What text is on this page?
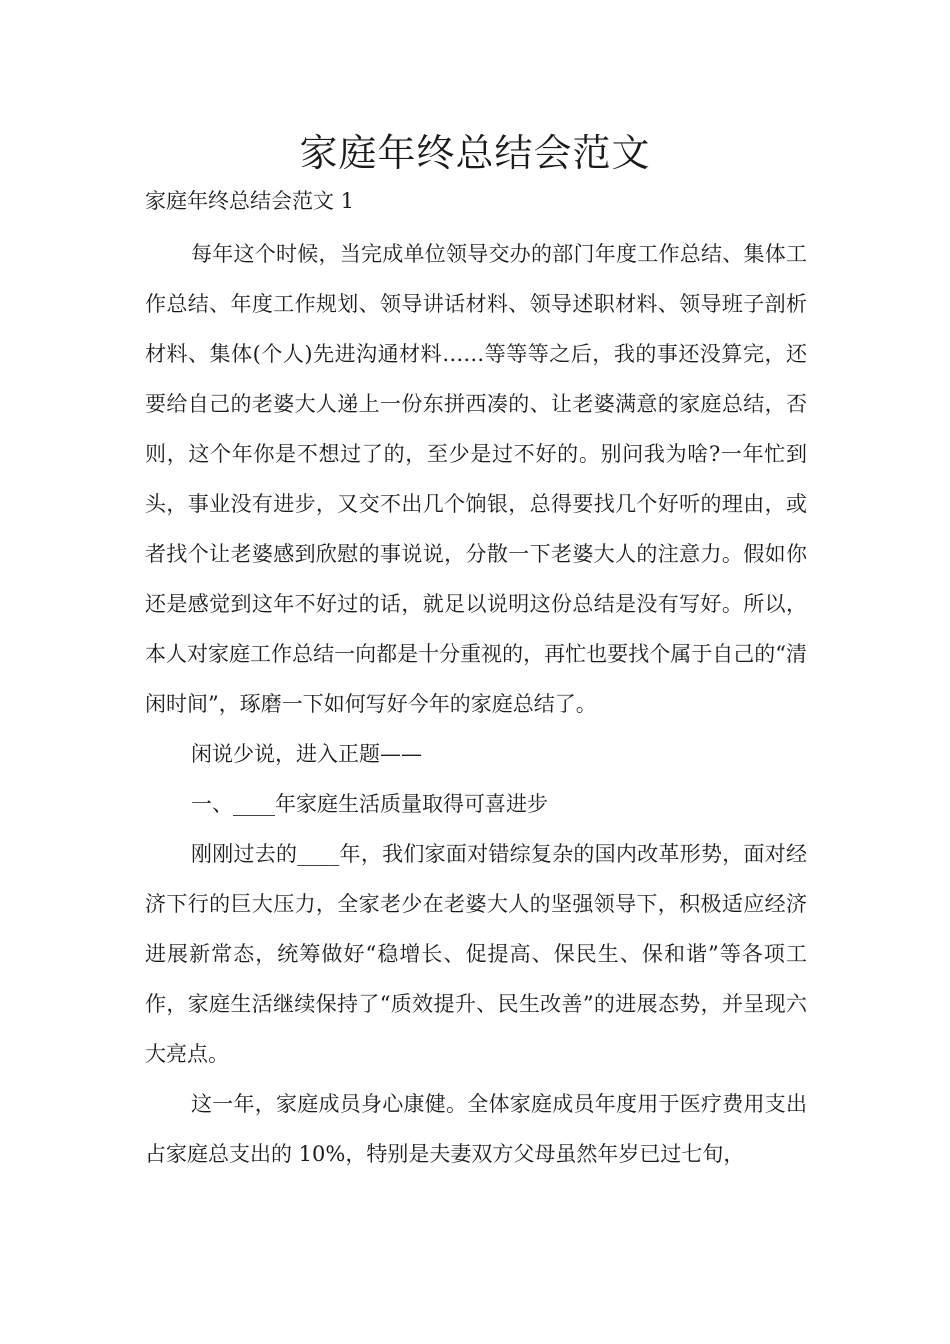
家庭年终总结会范文

家庭年终总结会范文 1

每年这个时候，当完成单位领导交办的部门年度工作总结、集体工作总结、年度工作规划、领导讲话材料、领导述职材料、领导班子剖析材料、集体(个人)先进沟通材料……等等等之后，我的事还没算完，还要给自己的老婆大人递上一份东拼西凑的、让老婆满意的家庭总结，否则，这个年你是不想过了的，至少是过不好的。别问我为啥?一年忙到头，事业没有进步，又交不出几个饷银，总得要找几个好听的理由，或者找个让老婆感到欣慰的事说说，分散一下老婆大人的注意力。假如你还是感觉到这年不好过的话，就足以说明这份总结是没有写好。所以，本人对家庭工作总结一向都是十分重视的，再忙也要找个属于自己的“清闲时间”，琢磨一下如何写好今年的家庭总结了。

闲说少说，进入正题——

一、____年家庭生活质量取得可喜进步

刚刚过去的____年，我们家面对错综复杂的国内改革形势，面对经济下行的巨大压力，全家老少在老婆大人的坚强领导下，积极适应经济进展新常态，统筹做好“稳增长、促提高、保民生、保和谐”等各项工作，家庭生活继续保持了“质效提升、民生改善”的进展态势，并呈现六大亮点。

这一年，家庭成员身心康健。全体家庭成员年度用于医疗费用支出占家庭总支出的 10%，特别是夫妻双方父母虽然年岁已过七旬，
